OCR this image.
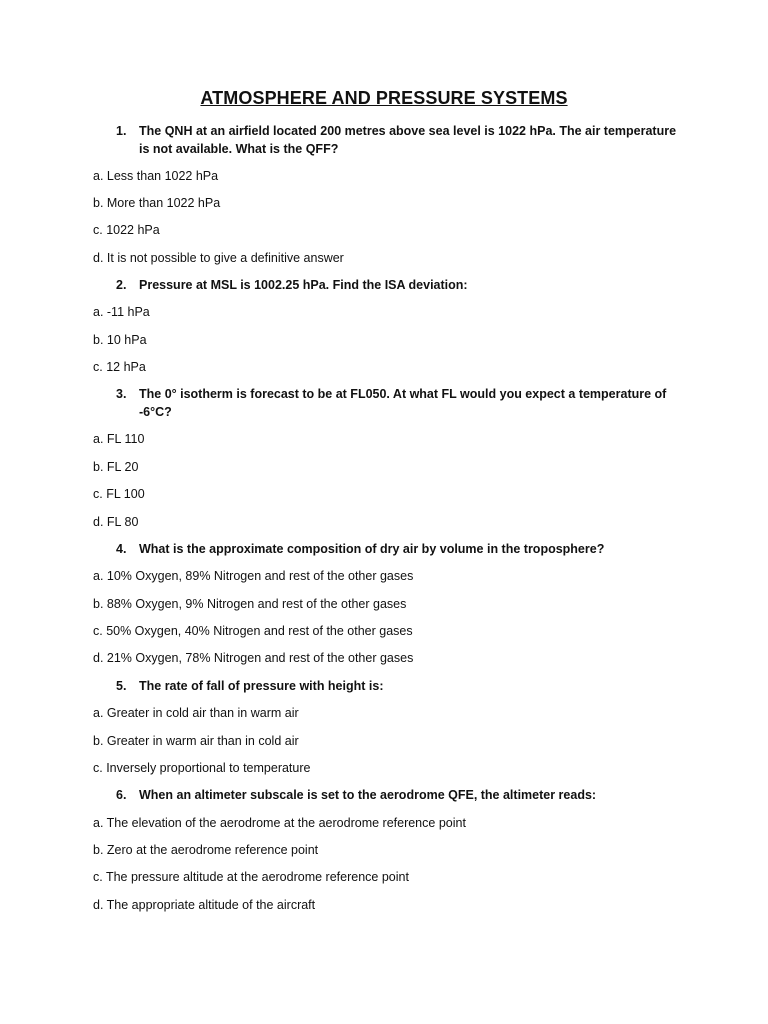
ATMOSPHERE AND PRESSURE SYSTEMS
1.	The QNH at an airfield located 200 metres above sea level is 1022 hPa. The air temperature is not available. What is the QFF?
a. Less than 1022 hPa
b. More than 1022 hPa
c. 1022 hPa
d. It is not possible to give a definitive answer
2.	Pressure at MSL is 1002.25 hPa. Find the ISA deviation:
a. -11 hPa
b. 10 hPa
c. 12 hPa
3.	The 0° isotherm is forecast to be at FL050. At what FL would you expect a temperature of -6°C?
a. FL 110
b. FL 20
c. FL 100
d. FL 80
4.	What is the approximate composition of dry air by volume in the troposphere?
a. 10% Oxygen, 89% Nitrogen and rest of the other gases
b. 88% Oxygen, 9% Nitrogen and rest of the other gases
c. 50% Oxygen, 40% Nitrogen and rest of the other gases
d. 21% Oxygen, 78% Nitrogen and rest of the other gases
5.	The rate of fall of pressure with height is:
a. Greater in cold air than in warm air
b. Greater in warm air than in cold air
c. Inversely proportional to temperature
6.	When an altimeter subscale is set to the aerodrome QFE, the altimeter reads:
a. The elevation of the aerodrome at the aerodrome reference point
b. Zero at the aerodrome reference point
c. The pressure altitude at the aerodrome reference point
d. The appropriate altitude of the aircraft
